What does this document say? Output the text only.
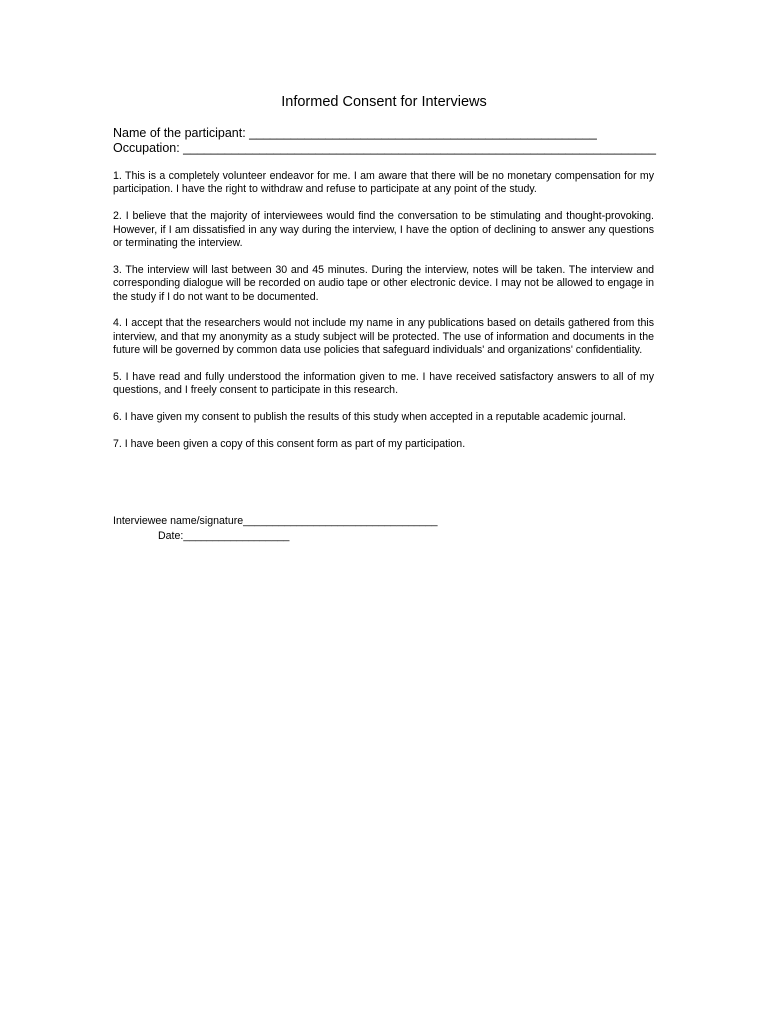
Informed Consent for Interviews
Name of the participant: __________________________________________________
Occupation: ____________________________________________________________________

1. This is a completely volunteer endeavor for me. I am aware that there will be no monetary compensation for my participation. I have the right to withdraw and refuse to participate at any point of the study.

2. I believe that the majority of interviewees would find the conversation to be stimulating and thought-provoking. However, if I am dissatisfied in any way during the interview, I have the option of declining to answer any questions or terminating the interview.

3. The interview will last between 30 and 45 minutes. During the interview, notes will be taken. The interview and corresponding dialogue will be recorded on audio tape or other electronic device. I may not be allowed to engage in the study if I do not want to be documented.

4. I accept that the researchers would not include my name in any publications based on details gathered from this interview, and that my anonymity as a study subject will be protected. The use of information and documents in the future will be governed by common data use policies that safeguard individuals' and organizations' confidentiality.

5. I have read and fully understood the information given to me. I have received satisfactory answers to all of my questions, and I freely consent to participate in this research.

6. I have given my consent to publish the results of this study when accepted in a reputable academic journal.

7. I have been given a copy of this consent form as part of my participation.

Interviewee name/signature_________________________________
Date:__________________
